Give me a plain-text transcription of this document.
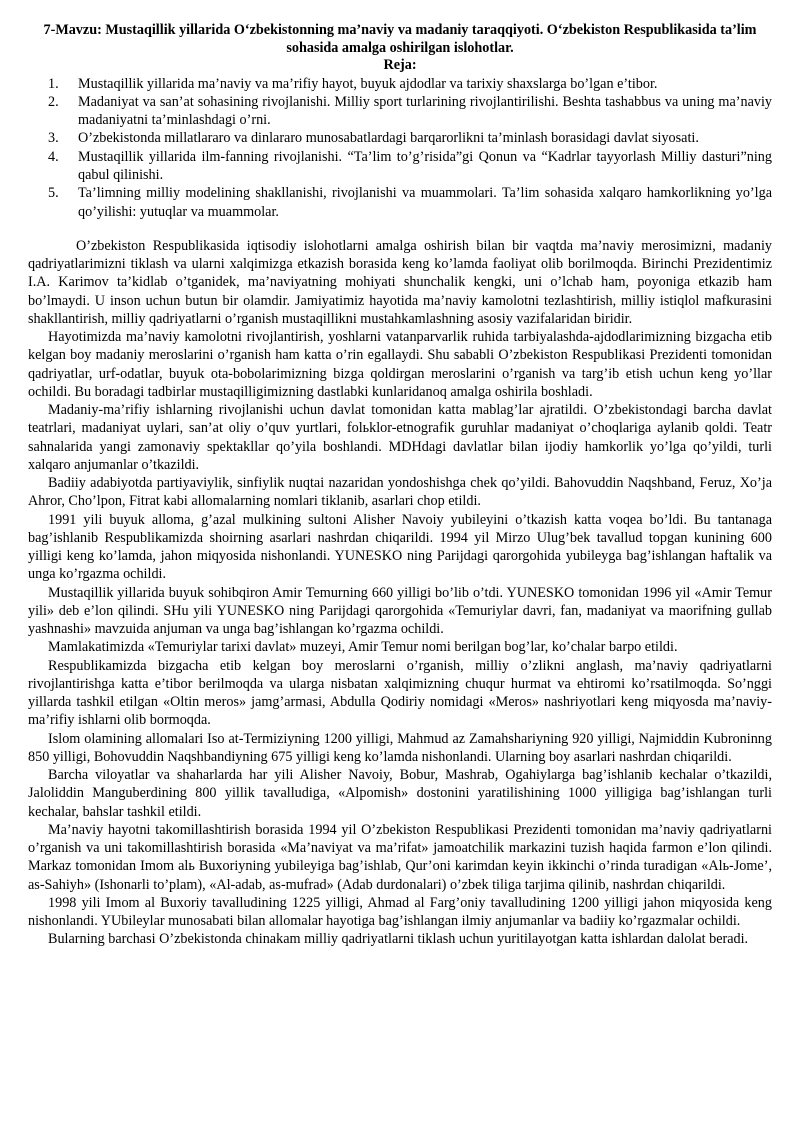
7-Mavzu: Mustaqillik yillarida O‘zbekistonning ma’naviy va madaniy taraqqiyoti. O‘zbekiston Respublikasida ta’lim sohasida amalga oshirilgan islohotlar.
Reja:
1. Mustaqillik yillarida ma’naviy va ma’rifiy hayot, buyuk ajdodlar va tarixiy shaxslarga bo’lgan e’tibor.
2. Madaniyat va san’at sohasining rivojlanishi. Milliy sport turlarining rivojlantirilishi. Beshta tashabbus va uning ma’naviy madaniyatni ta’minlashdagi o’rni.
3. O’zbekistonda millatlararo va dinlararo munosabatlardagi barqarorlikni ta’minlash borasidagi davlat siyosati.
4. Mustaqillik yillarida ilm-fanning rivojlanishi. “Ta’lim to’g’risida”gi Qonun va “Kadrlar tayyorlash Milliy dasturi”ning qabul qilinishi.
5. Ta’limning milliy modelining shakllanishi, rivojlanishi va muammolari. Ta’lim sohasida xalqaro hamkorlikning yo’lga qo’yilishi: yutuqlar va muammolar.

O’zbekiston Respublikasida iqtisodiy islohotlarni amalga oshirish bilan bir vaqtda ma’naviy merosimizni, madaniy qadriyatlarimizni tiklash va ularni xalqimizga etkazish borasida keng ko’lamda faoliyat olib borilmoqda. Birinchi Prezidentimiz I.A. Karimov ta’kidlab o’tganidek, ma’naviyatning mohiyati shunchalik kengki, uni o’lchab ham, poyoniga etkazib ham bo’lmaydi. U inson uchun butun bir olamdir. Jamiyatimiz hayotida ma’naviy kamolotni tezlashtirish, milliy istiqlol mafkurasini shakllantirish, milliy qadriyatlarni o’rganish mustaqillikni mustahkamlashning asosiy vazifalaridan biridir.

Hayotimizda ma’naviy kamolotni rivojlantirish, yoshlarni vatanparvarlik ruhida tarbiyalashda-ajdodlarimizning bizgacha etib kelgan boy madaniy meroslarini o’rganish ham katta o’rin egallaydi. Shu sababli O’zbekiston Respublikasi Prezidenti tomonidan qadriyatlar, urf-odatlar, buyuk ota-bobolarimizning bizga qoldirgan meroslarini o’rganish va targ’ib etish uchun keng yo’llar ochildi. Bu boradagi tadbirlar mustaqilligimizning dastlabki kunlaridanoq amalga oshirila boshladi.

Madaniy-ma’rifiy ishlarning rivojlanishi uchun davlat tomonidan katta mablag’lar ajratildi. O’zbekistondagi barcha davlat teatrlari, madaniyat uylari, san’at oliy o’quv yurtlari, folьklor-etnografik guruhlar madaniyat o’choqlariga aylanib qoldi. Teatr sahnalarida yangi zamonaviy spektakllar qo’yila boshlandi. MDHdagi davlatlar bilan ijodiy hamkorlik yo’lga qo’yildi, turli xalqaro anjumanlar o’tkazildi.

Badiiy adabiyotda partiyaviylik, sinfiylik nuqtai nazaridan yondoshishga chek qo’yildi. Bahovuddin Naqshband, Feruz, Xo’ja Ahror, Cho’lpon, Fitrat kabi allomalarning nomlari tiklanib, asarlari chop etildi.

1991 yili buyuk alloma, g’azal mulkining sultoni Alisher Navoiy yubileyini o’tkazish katta voqea bo’ldi. Bu tantanaga bag’ishlanib Respublikamizda shoirning asarlari nashrdan chiqarildi. 1994 yil Mirzo Ulug’bek tavallud topgan kunining 600 yilligi keng ko’lamda, jahon miqyosida nishonlandi. YUNESKO ning Parijdagi qarorgohida yubileyga bag’ishlangan haftalik va unga ko’rgazma ochildi.

Mustaqillik yillarida buyuk sohibqiron Amir Temurning 660 yilligi bo’lib o’tdi. YUNESKO tomonidan 1996 yil «Amir Temur yili» deb e’lon qilindi. SHu yili YUNESKO ning Parijdagi qarorgohida «Temuriylar davri, fan, madaniyat va maorifning gullab yashnashi» mavzuida anjuman va unga bag’ishlangan ko’rgazma ochildi.

Mamlakatimizda «Temuriylar tarixi davlat» muzeyi, Amir Temur nomi berilgan bog’lar, ko’chalar barpo etildi.

Respublikamizda bizgacha etib kelgan boy meroslarni o’rganish, milliy o’zlikni anglash, ma’naviy qadriyatlarni rivojlantirishga katta e’tibor berilmoqda va ularga nisbatan xalqimizning chuqur hurmat va ehtiromi ko’rsatilmoqda. So’nggi yillarda tashkil etilgan «Oltin meros» jamg’armasi, Abdulla Qodiriy nomidagi «Meros» nashriyotlari keng miqyosda ma’naviy-ma’rifiy ishlarni olib bormoqda.

Islom olamining allomalari Iso at-Termiziyning 1200 yilligi, Mahmud az Zamahshariyning 920 yilligi, Najmiddin Kubroninng 850 yilligi, Bohovuddin Naqshbandiyning 675 yilligi keng ko’lamda nishonlandi. Ularning boy asarlari nashrdan chiqarildi.

Barcha viloyatlar va shaharlarda har yili Alisher Navoiy, Bobur, Mashrab, Ogahiylarga bag’ishlanib kechalar o’tkazildi, Jaloliddin Manguberdining 800 yillik tavalludiga, «Alpomish» dostonini yaratilishining 1000 yilligiga bag’ishlangan turli kechalar, bahslar tashkil etildi.

Ma’naviy hayotni takomillashtirish borasida 1994 yil O’zbekiston Respublikasi Prezidenti tomonidan ma’naviy qadriyatlarni o’rganish va uni takomillashtirish borasida «Ma’naviyat va ma’rifat» jamoatchilik markazini tuzish haqida farmon e’lon qilindi. Markaz tomonidan Imom alь Buxoriyning yubileyiga bag’ishlab, Qur’oni karimdan keyin ikkinchi o’rinda turadigan «Alь-Jome’, as-Sahiyh» (Ishonarli to’plam), «Al-adab, as-mufrad» (Adab durdonalari) o’zbek tiliga tarjima qilinib, nashrdan chiqarildi.

1998 yili Imom al Buxoriy tavalludining 1225 yilligi, Ahmad al Farg’oniy tavalludining 1200 yilligi jahon miqyosida keng nishonlandi. YUbileylar munosabati bilan allomalar hayotiga bag’ishlangan ilmiy anjumanlar va badiiy ko’rgazmalar ochildi.

Bularning barchasi O’zbekistonda chinakam milliy qadriyatlarni tiklash uchun yuritilayotgan katta ishlardan dalolat beradi.
